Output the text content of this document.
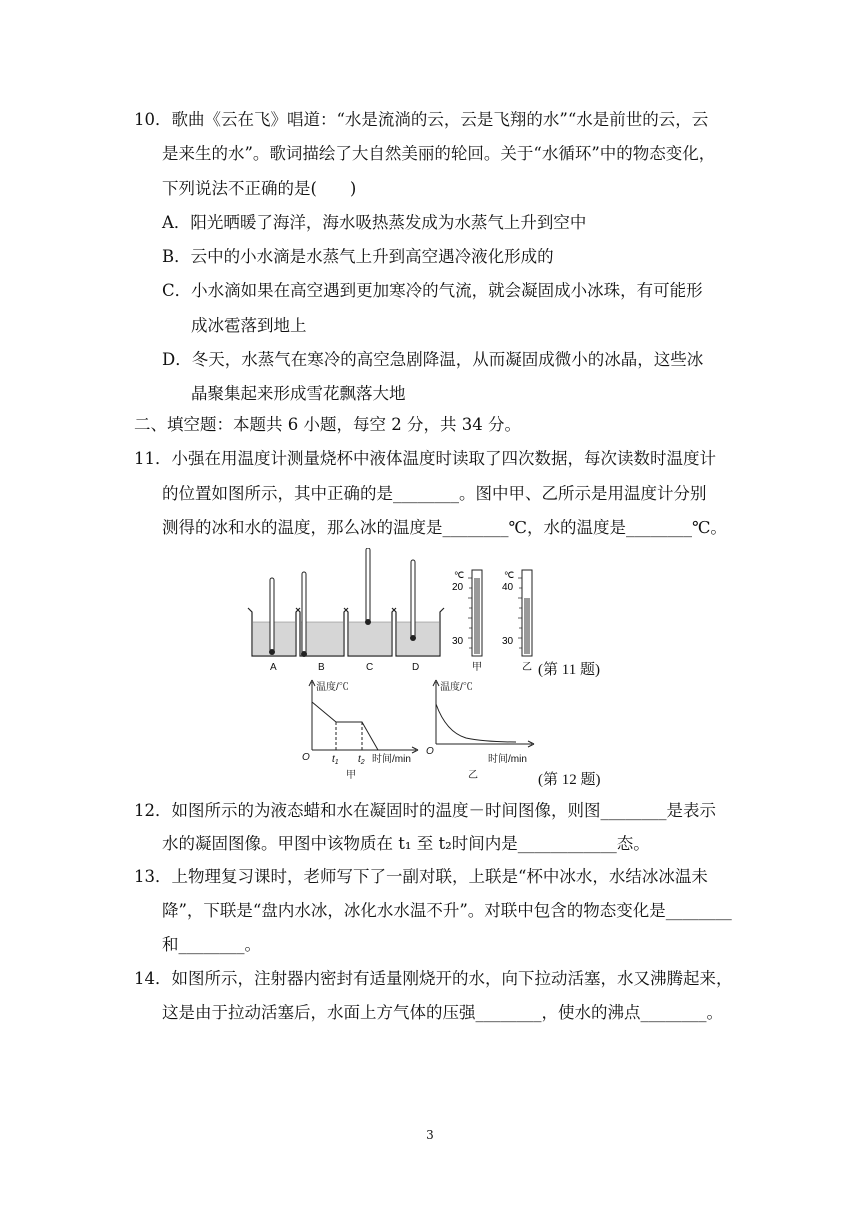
10．歌曲《云在飞》唱道：“水是流淌的云，云是飞翔的水”“水是前世的云，云
是来生的水”。歌词描绘了大自然美丽的轮回。关于“水循环”中的物态变化，
下列说法不正确的是(　　)
A．阳光晒暖了海洋，海水吸热蒸发成为水蒸气上升到空中
B．云中的小水滴是水蒸气上升到高空遇冷液化形成的
C．小水滴如果在高空遇到更加寒冷的气流，就会凝固成小冰珠，有可能形
成冰雹落到地上
D．冬天，水蒸气在寒冷的高空急剧降温，从而凝固成微小的冰晶，这些冰
晶聚集起来形成雪花飘落大地
二、填空题：本题共 6 小题，每空 2 分，共 34 分。
11．小强在用温度计测量烧杯中液体温度时读取了四次数据，每次读数时温度计
的位置如图所示，其中正确的是________。图中甲、乙所示是用温度计分别
测得的冰和水的温度，那么冰的温度是________℃，水的温度是________℃。
A	B	C	D
℃
20
30
甲
℃
40
30
乙 (第 11 题)
温度/℃
O $t_1$ $t_2$ 时间/min
甲
温度/℃
O
时间/min
乙	(第 12 题)
12．如图所示的为液态蜡和水在凝固时的温度－时间图像，则图________是表示
水的凝固图像。甲图中该物质在 t₁ 至 t₂时间内是____________态。
13．上物理复习课时，老师写下了一副对联，上联是“杯中冰水，水结冰冰温未
降”，下联是“盘内水冰，冰化水水温不升”。对联中包含的物态变化是________
和________。
14．如图所示，注射器内密封有适量刚烧开的水，向下拉动活塞，水又沸腾起来，
这是由于拉动活塞后，水面上方气体的压强________，使水的沸点________。
3
